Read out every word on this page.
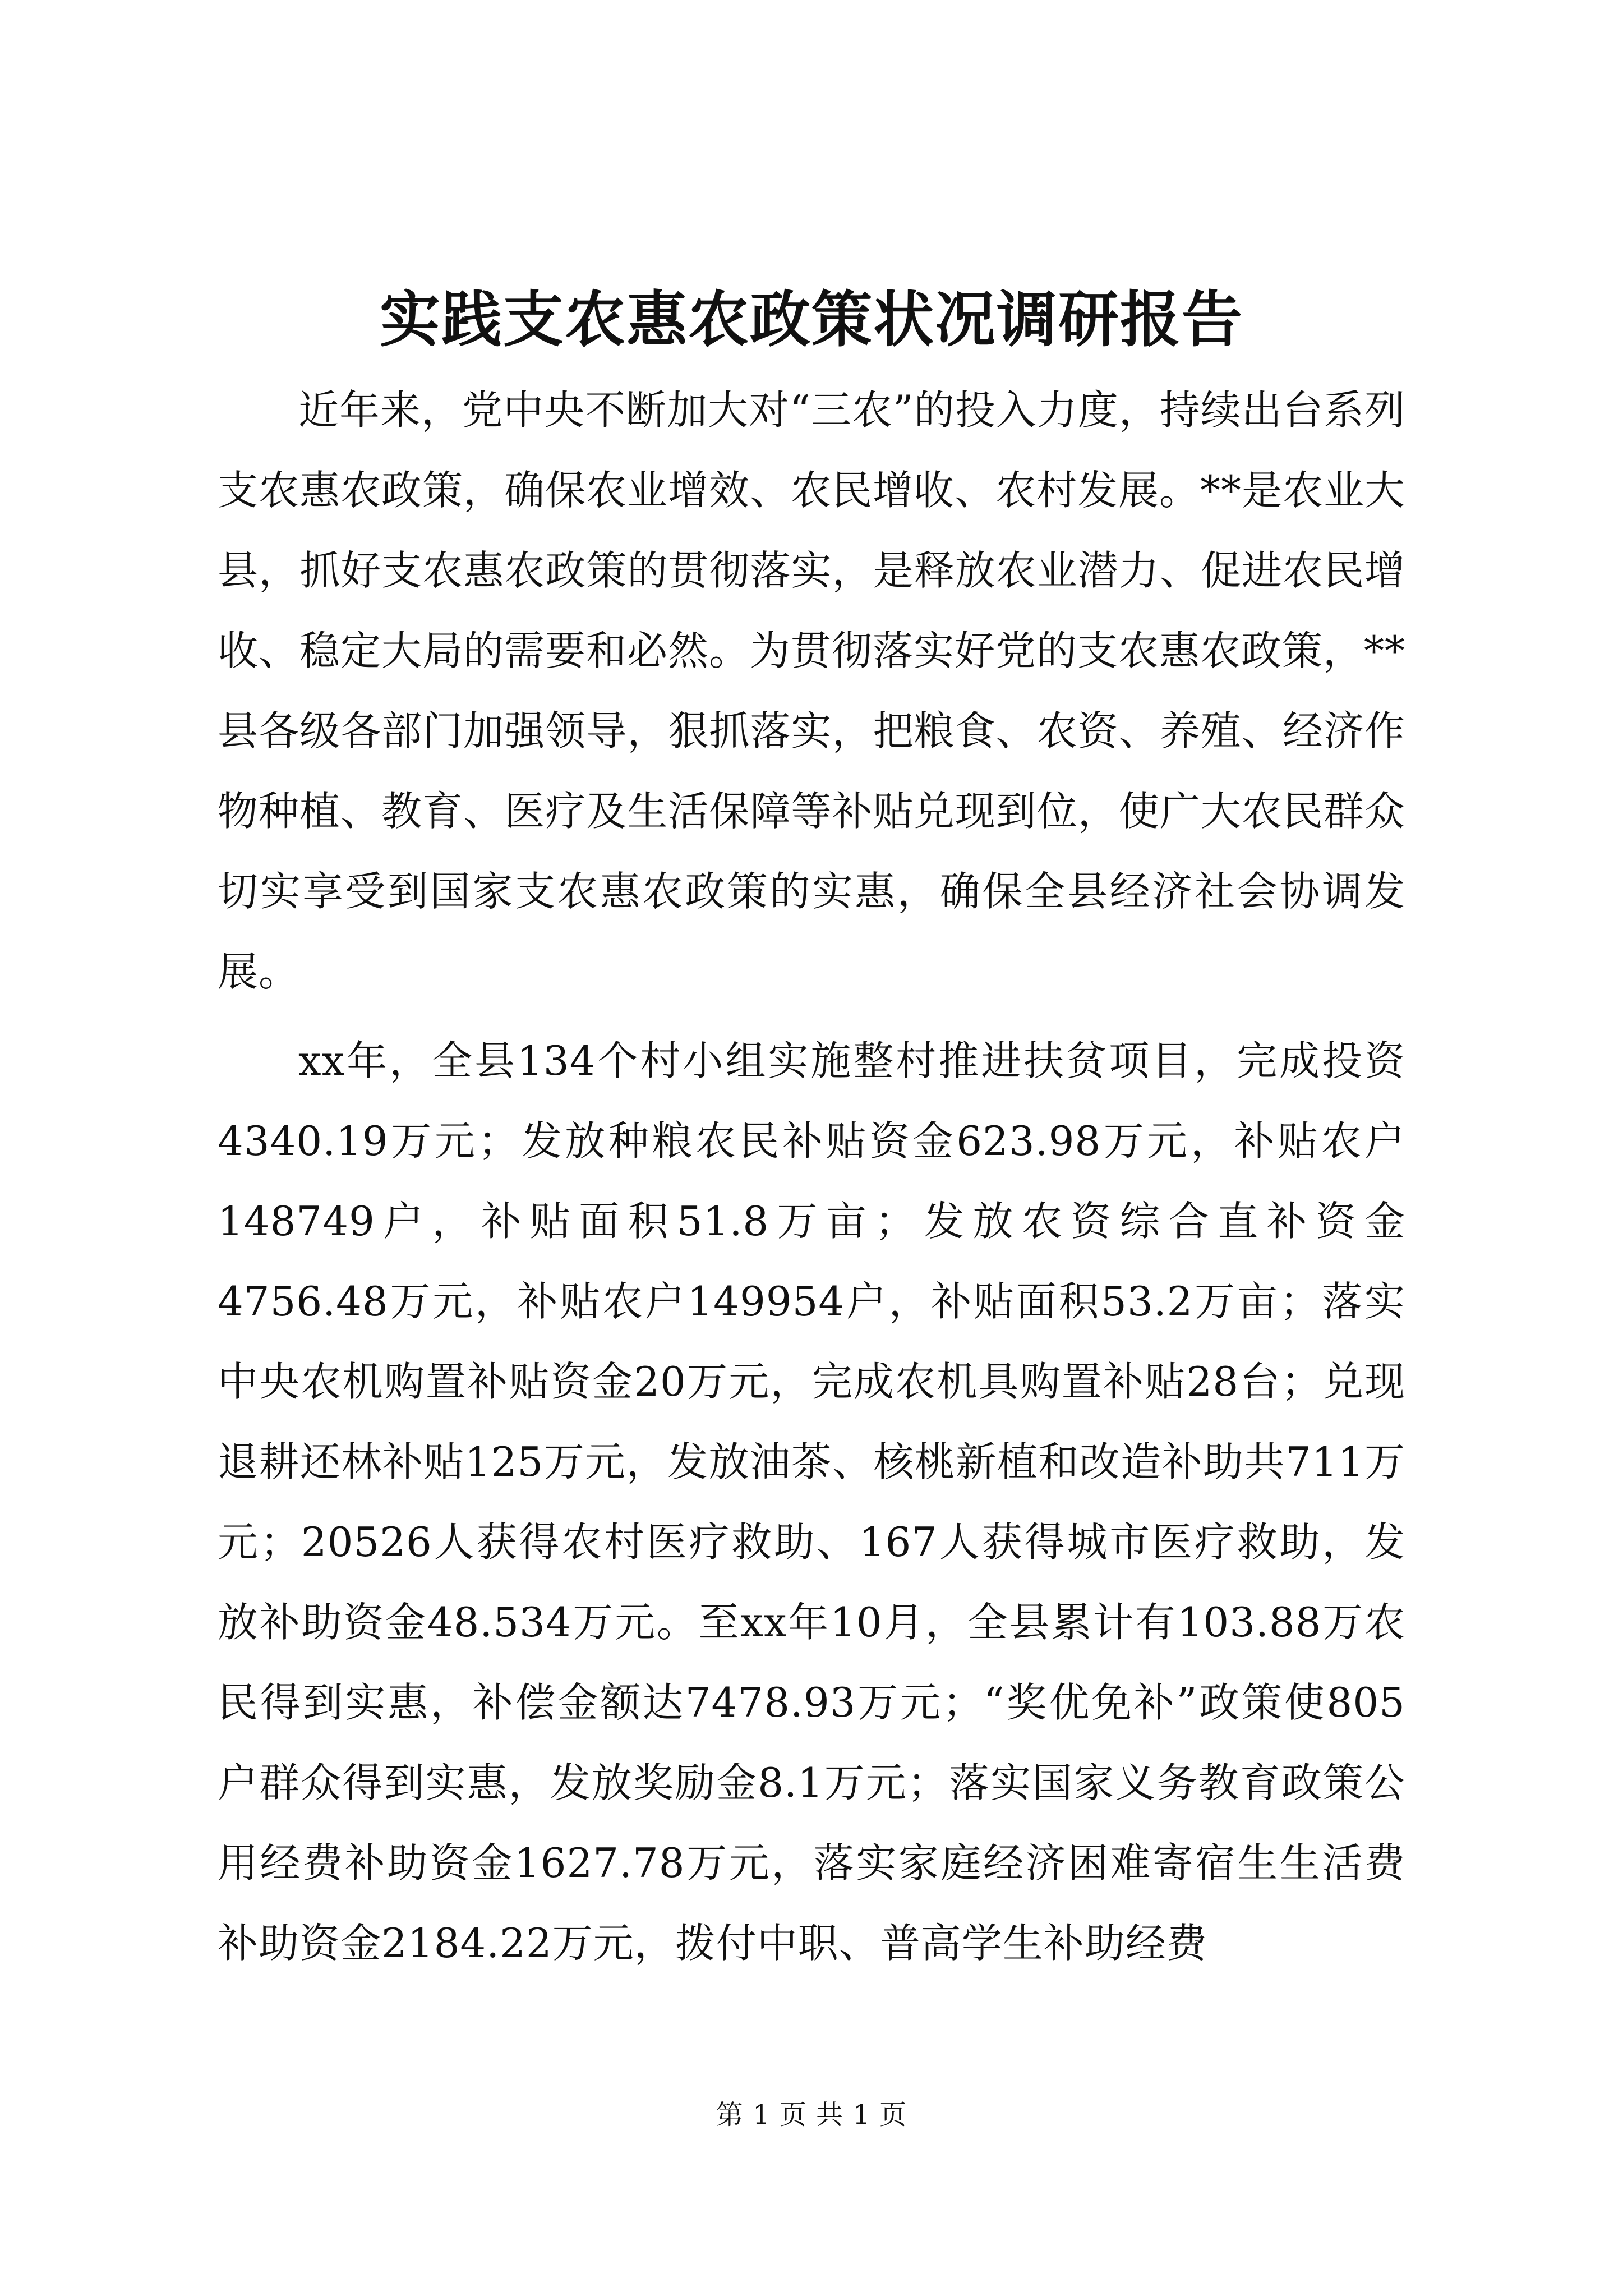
实践支农惠农政策状况调研报告

近年来，党中央不断加大对“三农”的投入力度，持续出台系列支农惠农政策，确保农业增效、农民增收、农村发展。**是农业大县，抓好支农惠农政策的贯彻落实，是释放农业潜力、促进农民增收、稳定大局的需要和必然。为贯彻落实好党的支农惠农政策，**县各级各部门加强领导，狠抓落实，把粮食、农资、养殖、经济作物种植、教育、医疗及生活保障等补贴兑现到位，使广大农民群众切实享受到国家支农惠农政策的实惠，确保全县经济社会协调发展。

xx年，全县134个村小组实施整村推进扶贫项目，完成投资4340.19万元；发放种粮农民补贴资金623.98万元，补贴农户148749户，补贴面积51.8万亩；发放农资综合直补资金4756.48万元，补贴农户149954户，补贴面积53.2万亩；落实中央农机购置补贴资金20万元，完成农机具购置补贴28台；兑现退耕还林补贴125万元，发放油茶、核桃新植和改造补助共711万元；20526人获得农村医疗救助、167人获得城市医疗救助，发放补助资金48.534万元。至xx年10月，全县累计有103.88万农民得到实惠，补偿金额达7478.93万元；“奖优免补”政策使805户群众得到实惠，发放奖励金8.1万元；落实国家义务教育政策公用经费补助资金1627.78万元，落实家庭经济困难寄宿生生活费补助资金2184.22万元，拨付中职、普高学生补助经费

第 1 页 共 1 页
